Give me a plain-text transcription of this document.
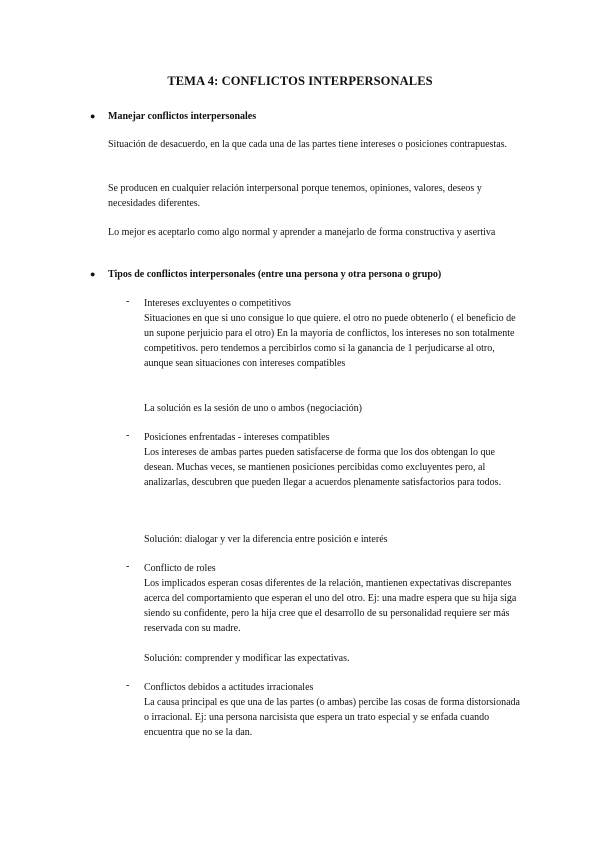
TEMA 4: CONFLICTOS INTERPERSONALES
● Manejar conflictos interpersonales
Situación de desacuerdo, en la que cada una de las partes tiene intereses o posiciones contrapuestas.
Se producen en cualquier relación interpersonal porque tenemos, opiniones, valores, deseos y necesidades diferentes.
Lo mejor es aceptarlo como algo normal y aprender a manejarlo de forma constructiva y asertiva
● Tipos de conflictos interpersonales (entre una persona y otra persona o grupo)
- Intereses excluyentes o competitivos
Situaciones en que si uno consigue lo que quiere. el otro no puede obtenerlo ( el beneficio de un supone perjuicio para el otro) En la mayoría de conflictos, los intereses no son totalmente competitivos. pero tendemos a percibirlos como si la ganancia de 1 perjudicarse al otro, aunque sean situaciones con intereses compatibles
La solución es la sesión de uno o ambos (negociación)
- Posiciones enfrentadas - intereses compatibles
Los intereses de ambas partes pueden satisfacerse de forma que los dos obtengan lo que desean. Muchas veces, se mantienen posiciones percibidas como excluyentes pero, al analizarlas, descubren que pueden llegar a acuerdos plenamente satisfactorios para todos.
Solución: dialogar y ver la diferencia entre posición e interés
- Conflicto de roles
Los implicados esperan cosas diferentes de la relación, mantienen expectativas discrepantes acerca del comportamiento que esperan el uno del otro. Ej: una madre espera que su hija siga siendo su confidente, pero la hija cree que el desarrollo de su personalidad requiere ser más reservada con su madre.
Solución: comprender y modificar las expectativas.
- Conflictos debidos a actitudes irracionales
La causa principal es que una de las partes (o ambas) percibe las cosas de forma distorsionada o irracional. Ej: una persona narcisista que espera un trato especial y se enfada cuando encuentra que no se la dan.
